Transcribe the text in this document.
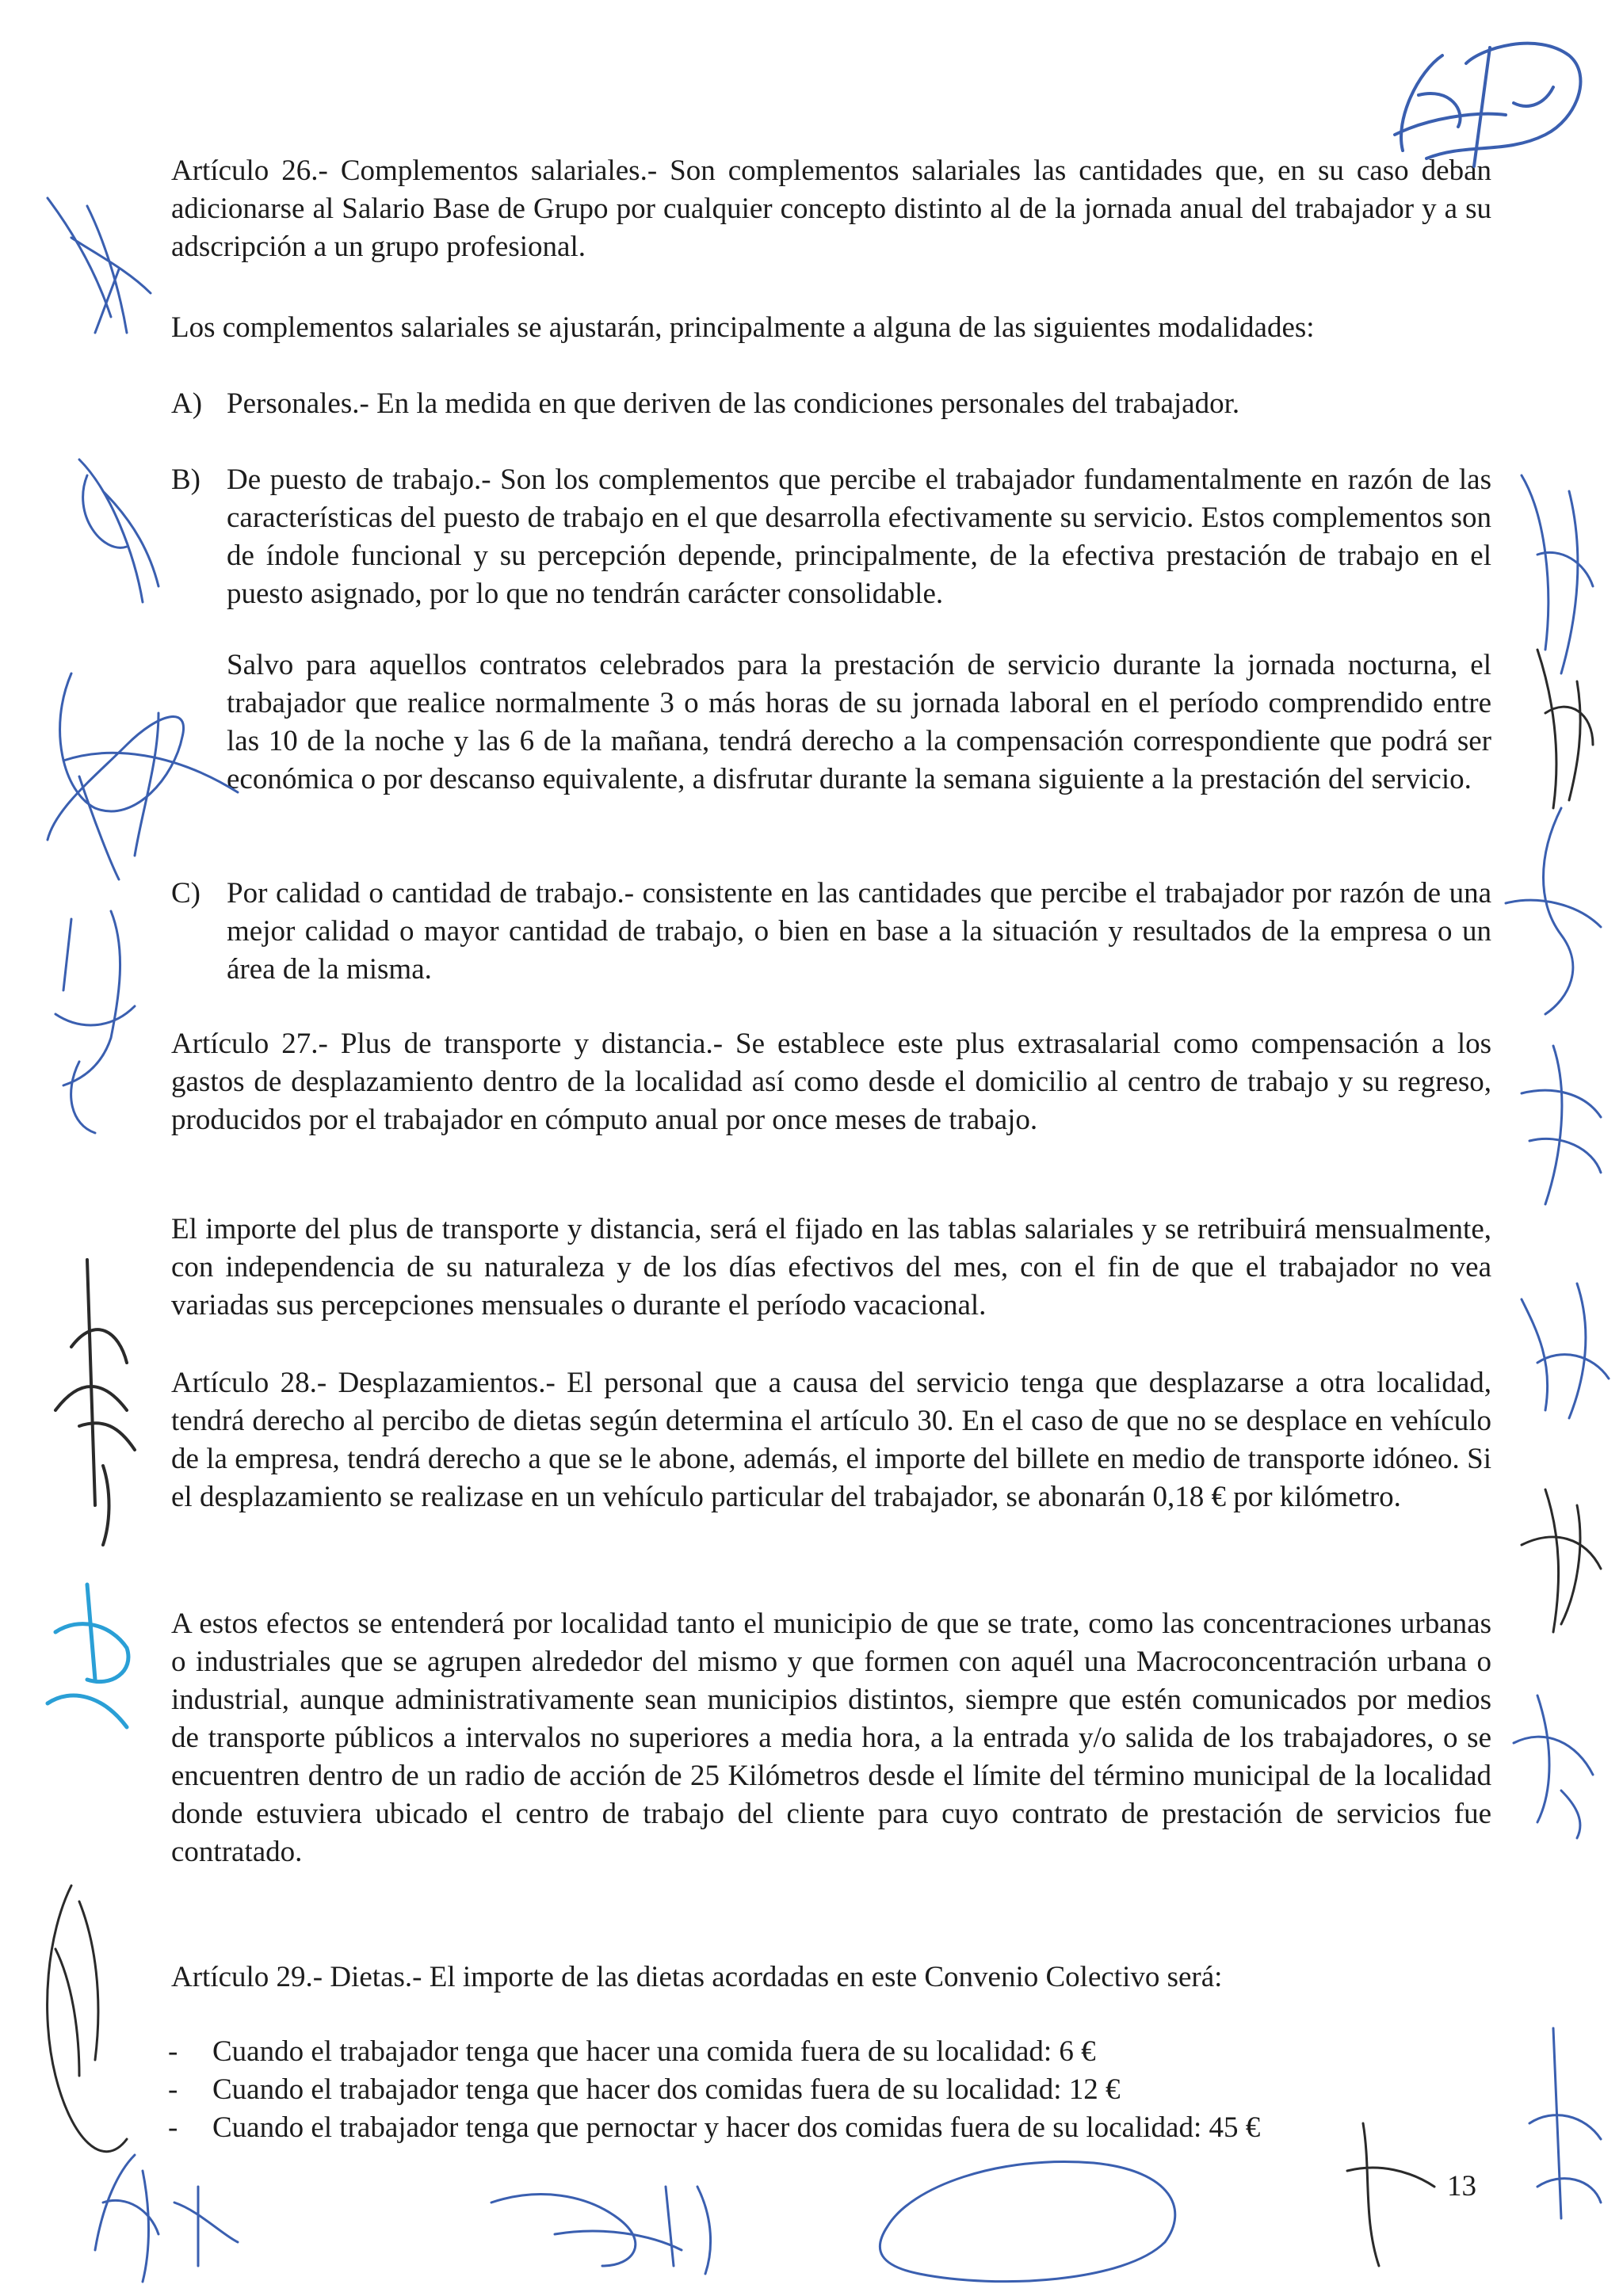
Artículo 26.- Complementos salariales.- Son complementos salariales las cantidades que, en su caso deban adicionarse al Salario Base de Grupo por cualquier concepto distinto al de la jornada anual del trabajador y a su adscripción a un grupo profesional.

Los complementos salariales se ajustarán, principalmente a alguna de las siguientes modalidades:

A) Personales.- En la medida en que deriven de las condiciones personales del trabajador.

B) De puesto de trabajo.- Son los complementos que percibe el trabajador fundamentalmente en razón de las características del puesto de trabajo en el que desarrolla efectivamente su servicio. Estos complementos son de índole funcional y su percepción depende, principalmente, de la efectiva prestación de trabajo en el puesto asignado, por lo que no tendrán carácter consolidable.

Salvo para aquellos contratos celebrados para la prestación de servicio durante la jornada nocturna, el trabajador que realice normalmente 3 o más horas de su jornada laboral en el período comprendido entre las 10 de la noche y las 6 de la mañana, tendrá derecho a la compensación correspondiente que podrá ser económica o por descanso equivalente, a disfrutar durante la semana siguiente a la prestación del servicio.

C) Por calidad o cantidad de trabajo.- consistente en las cantidades que percibe el trabajador por razón de una mejor calidad o mayor cantidad de trabajo, o bien en base a la situación y resultados de la empresa o un área de la misma.

Artículo 27.- Plus de transporte y distancia.- Se establece este plus extrasalarial como compensación a los gastos de desplazamiento dentro de la localidad así como desde el domicilio al centro de trabajo y su regreso, producidos por el trabajador en cómputo anual por once meses de trabajo.

El importe del plus de transporte y distancia, será el fijado en las tablas salariales y se retribuirá mensualmente, con independencia de su naturaleza y de los días efectivos del mes, con el fin de que el trabajador no vea variadas sus percepciones mensuales o durante el período vacacional.

Artículo 28.- Desplazamientos.- El personal que a causa del servicio tenga que desplazarse a otra localidad, tendrá derecho al percibo de dietas según determina el artículo 30. En el caso de que no se desplace en vehículo de la empresa, tendrá derecho a que se le abone, además, el importe del billete en medio de transporte idóneo. Si el desplazamiento se realizase en un vehículo particular del trabajador, se abonarán 0,18 € por kilómetro.

A estos efectos se entenderá por localidad tanto el municipio de que se trate, como las concentraciones urbanas o industriales que se agrupen alrededor del mismo y que formen con aquél una Macroconcentración urbana o industrial, aunque administrativamente sean municipios distintos, siempre que estén comunicados por medios de transporte públicos a intervalos no superiores a media hora, a la entrada y/o salida de los trabajadores, o se encuentren dentro de un radio de acción de 25 Kilómetros desde el límite del término municipal de la localidad donde estuviera ubicado el centro de trabajo del cliente para cuyo contrato de prestación de servicios fue contratado.

Artículo 29.- Dietas.- El importe de las dietas acordadas en este Convenio Colectivo será:

- Cuando el trabajador tenga que hacer una comida fuera de su localidad: 6 €
- Cuando el trabajador tenga que hacer dos comidas fuera de su localidad: 12 €
- Cuando el trabajador tenga que pernoctar y hacer dos comidas fuera de su localidad: 45 €
13
